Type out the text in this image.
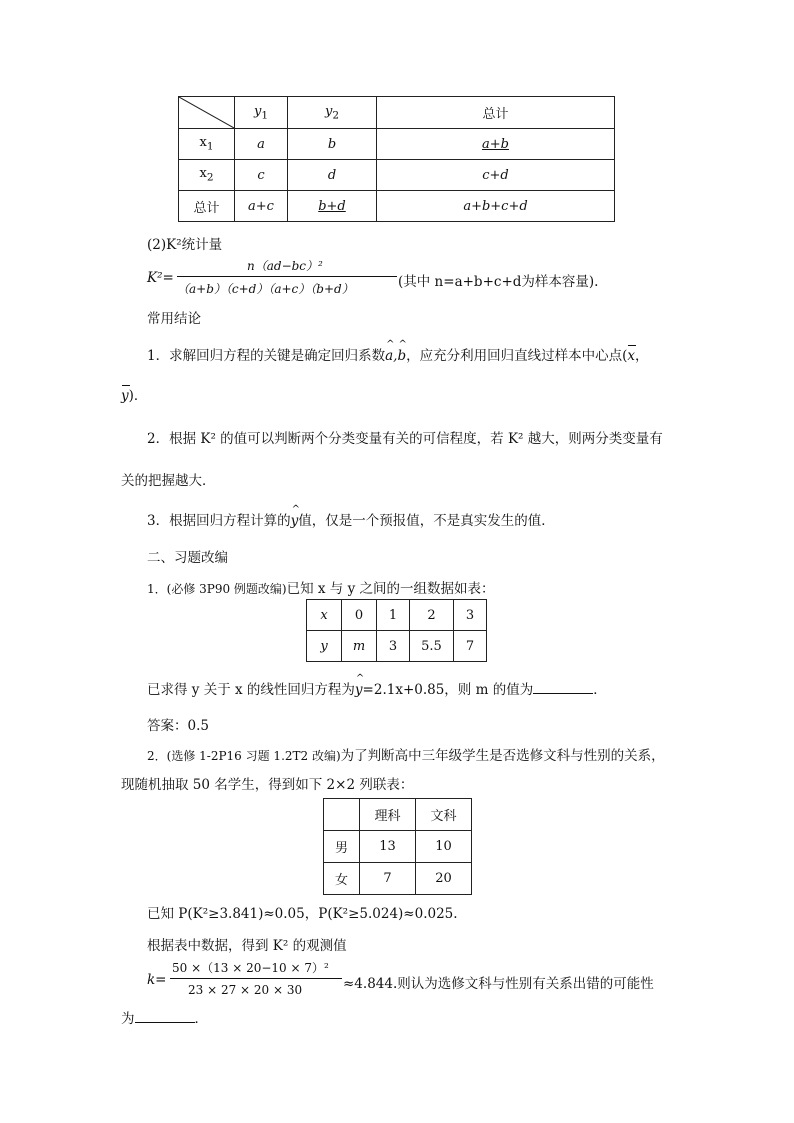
	$y_1$	$y_2$	总计
$x_1$	a	b	a+b
$x_2$	c	d	c+d
总计	a+c	b+d	a+b+c+d
(2)K²统计量
K²=
n（ad−bc）²
（a+b）（c+d）（a+c）（b+d）	(其中 n=a+b+c+d为样本容量).
常用结论
1．求解回归方程的关键是确定回归系数^ a,^ b，应充分利用回归直线过样本中心点(x，
y)．
2．根据 K² 的值可以判断两个分类变量有关的可信程度，若 K² 越大，则两分类变量有
关的把握越大．
3．根据回归方程计算的^ y值，仅是一个预报值，不是真实发生的值．
二、习题改编
1．(必修 3P90 例题改编)已知 x 与 y 之间的一组数据如表：
x	0	1	2	3
y	m	3	5.5	7
已求得 y 关于 x 的线性回归方程为^ y=2.1x+0.85，则 m 的值为	．
答案：0.5
2．(选修 1-2P16 习题 1.2T2 改编)为了判断高中三年级学生是否选修文科与性别的关系，
现随机抽取 50 名学生，得到如下 2×2 列联表：
	理科	文科
男	13	10
女	7	20
已知 P(K²≥3.841)≈0.05，P(K²≥5.024)≈0.025.
根据表中数据，得到 K² 的观测值
k=
50 ×（13 × 20−10 × 7）²
23 × 27 × 20 × 30	≈4.844.则认为选修文科与性别有关系出错的可能性
为	．
